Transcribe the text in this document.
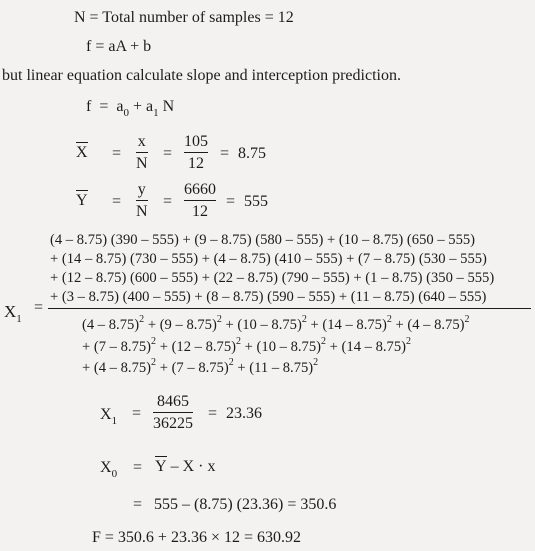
N = Total number of samples = 12
f = aA + b
but linear equation calculate slope and interception prediction.
$f = a_0 + a_1$ N
X =
x
N
=
105
12
= 8.75
Y =
y
N
=
6660
12
= 555
$X_1$
=
(4 – 8.75) (390 – 555) + (9 – 8.75) (580 – 555) + (10 – 8.75) (650 – 555)
+ (14 – 8.75) (730 – 555) + (4 – 8.75) (410 – 555) + (7 – 8.75) (530 – 555)
+ (12 – 8.75) (600 – 555) + (22 – 8.75) (790 – 555) + (1 – 8.75) (350 – 555)
+ (3 – 8.75) (400 – 555) + (8 – 8.75) (590 – 555) + (11 – 8.75) (640 – 555)
(4 – 8.75)$^2$ + (9 – 8.75)$^2$ + (10 – 8.75)$^2$ + (14 – 8.75)$^2$ + (4 – 8.75)$^2$
+ (7 – 8.75)$^2$ + (12 – 8.75)$^2$ + (10 – 8.75)$^2$ + (14 – 8.75)$^2$
+ (4 – 8.75)$^2$ + (7 – 8.75)$^2$ + (11 – 8.75)$^2$
$X_1$ =
8465
36225
= 23.36
$X_0 = Y - X \cdot x$
= 555 – (8.75) (23.36) = 350.6
F = 350.6 + 23.36 × 12 = 630.92
